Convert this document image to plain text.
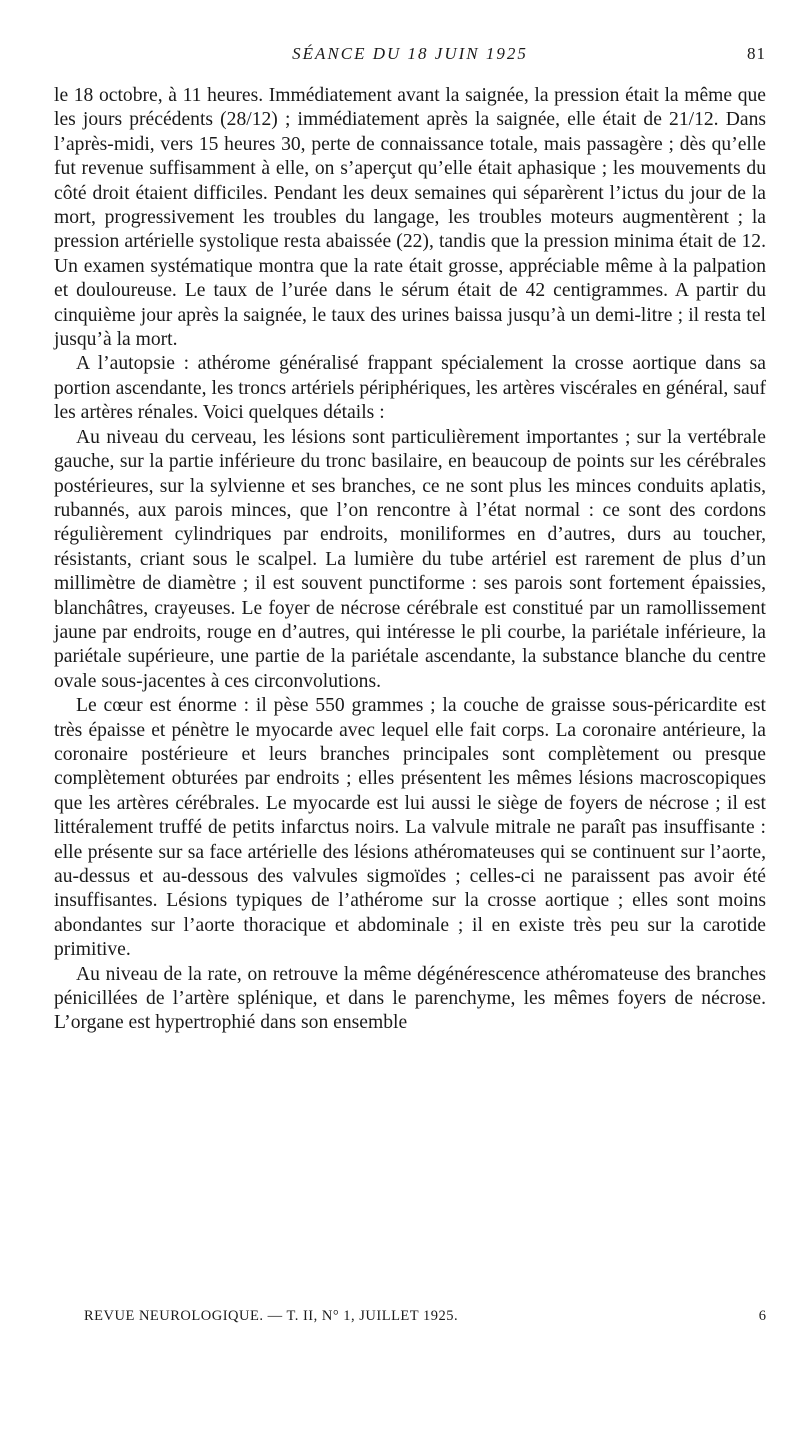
SÉANCE DU 18 JUIN 1925	81

le 18 octobre, à 11 heures. Immédiatement avant la saignée, la pression était la même que les jours précédents (28/12) ; immédiatement après la saignée, elle était de 21/12. Dans l’après-midi, vers 15 heures 30, perte de connaissance totale, mais passagère ; dès qu’elle fut revenue suffisamment à elle, on s’aperçut qu’elle était aphasique ; les mouvements du côté droit étaient difficiles. Pendant les deux semaines qui séparèrent l’ictus du jour de la mort, progressivement les troubles du langage, les troubles moteurs augmentèrent ; la pression artérielle systolique resta abaissée (22), tandis que la pression minima était de 12. Un examen systématique montra que la rate était grosse, appréciable même à la palpation et douloureuse. Le taux de l’urée dans le sérum était de 42 centigrammes. A partir du cinquième jour après la saignée, le taux des urines baissa jusqu’à un demi-litre ; il resta tel jusqu’à la mort.

A l’autopsie : athérome généralisé frappant spécialement la crosse aortique dans sa portion ascendante, les troncs artériels périphériques, les artères viscérales en général, sauf les artères rénales. Voici quelques détails :

Au niveau du cerveau, les lésions sont particulièrement importantes ; sur la vertébrale gauche, sur la partie inférieure du tronc basilaire, en beaucoup de points sur les cérébrales postérieures, sur la sylvienne et ses branches, ce ne sont plus les minces conduits aplatis, rubannés, aux parois minces, que l’on rencontre à l’état normal : ce sont des cordons régulièrement cylindriques par endroits, moniliformes en d’autres, durs au toucher, résistants, criant sous le scalpel. La lumière du tube artériel est rarement de plus d’un millimètre de diamètre ; il est souvent punctiforme : ses parois sont fortement épaissies, blanchâtres, crayeuses. Le foyer de nécrose cérébrale est constitué par un ramollissement jaune par endroits, rouge en d’autres, qui intéresse le pli courbe, la pariétale inférieure, la pariétale supérieure, une partie de la pariétale ascendante, la substance blanche du centre ovale sous-jacentes à ces circonvolutions.

Le cœur est énorme : il pèse 550 grammes ; la couche de graisse sous-péricardite est très épaisse et pénètre le myocarde avec lequel elle fait corps. La coronaire antérieure, la coronaire postérieure et leurs branches principales sont complètement ou presque complètement obturées par endroits ; elles présentent les mêmes lésions macroscopiques que les artères cérébrales. Le myocarde est lui aussi le siège de foyers de nécrose ; il est littéralement truffé de petits infarctus noirs. La valvule mitrale ne paraît pas insuffisante : elle présente sur sa face artérielle des lésions athéromateuses qui se continuent sur l’aorte, au-dessus et au-dessous des valvules sigmoïdes ; celles-ci ne paraissent pas avoir été insuffisantes. Lésions typiques de l’athérome sur la crosse aortique ; elles sont moins abondantes sur l’aorte thoracique et abdominale ; il en existe très peu sur la carotide primitive.

Au niveau de la rate, on retrouve la même dégénérescence athéromateuse des branches pénicillées de l’artère splénique, et dans le parenchyme, les mêmes foyers de nécrose. L’organe est hypertrophié dans son ensemble

REVUE NEUROLOGIQUE. — T. II, N° 1, JUILLET 1925.	6
